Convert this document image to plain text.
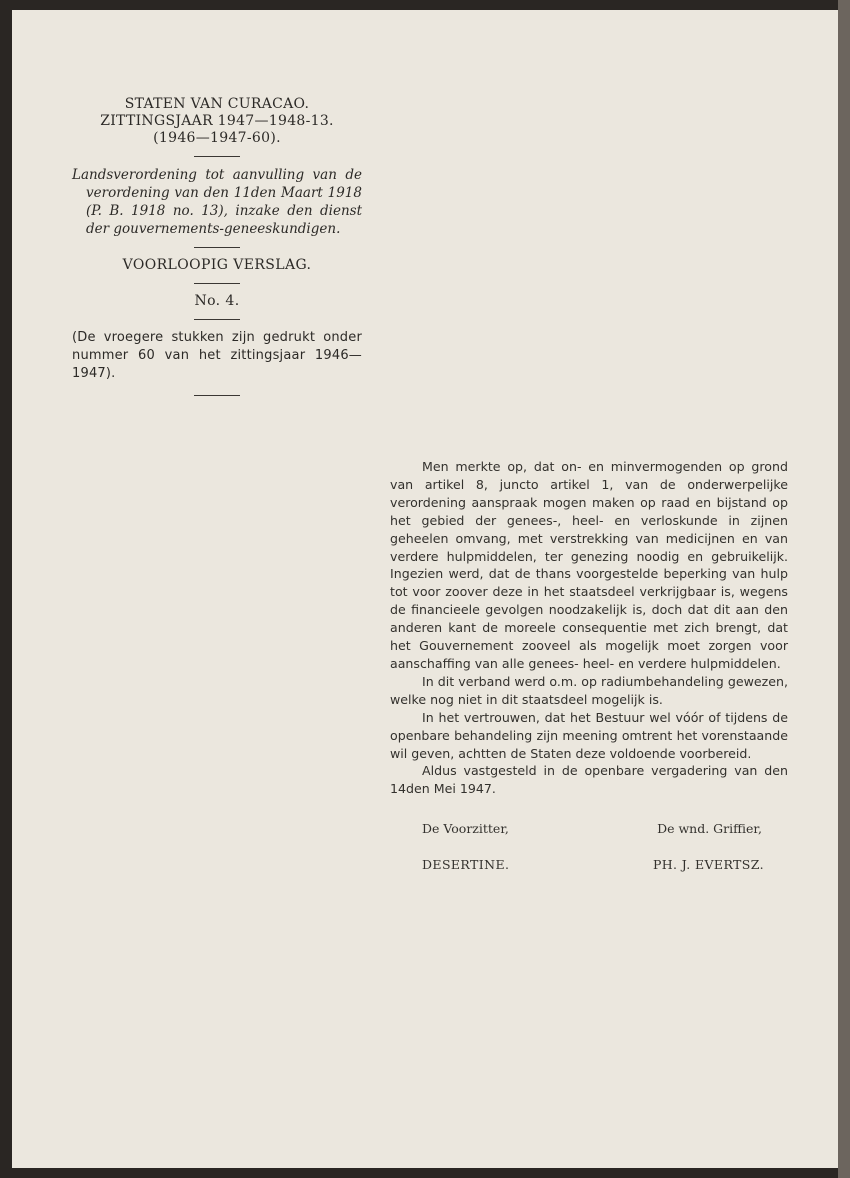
STATEN VAN CURACAO.
ZITTINGSJAAR 1947—1948-13.
(1946—1947-60).
Landsverordening tot aanvulling van de verordening van den 11den Maart 1918 (P. B. 1918 no. 13), inzake den dienst der gouvernements-geneeskundigen.
VOORLOOPIG VERSLAG.
No. 4.
(De vroegere stukken zijn gedrukt onder nummer 60 van het zittingsjaar 1946—1947).

Men merkte op, dat on- en minvermogenden op grond van artikel 8, juncto artikel 1, van de onderwerpelijke verordening aanspraak mogen maken op raad en bijstand op het gebied der genees-, heel- en verloskunde in zijnen geheelen omvang, met verstrekking van medicijnen en van verdere hulpmiddelen, ter genezing noodig en gebruikelijk. Ingezien werd, dat de thans voorgestelde beperking van hulp tot voor zoover deze in het staatsdeel verkrijgbaar is, wegens de financieele gevolgen noodzakelijk is, doch dat dit aan den anderen kant de moreele consequentie met zich brengt, dat het Gouvernement zooveel als mogelijk moet zorgen voor aanschaffing van alle genees- heel- en verdere hulpmiddelen.

In dit verband werd o.m. op radiumbehandeling gewezen, welke nog niet in dit staatsdeel mogelijk is.

In het vertrouwen, dat het Bestuur wel vóór of tijdens de openbare behandeling zijn meening omtrent het vorenstaande wil geven, achtten de Staten deze voldoende voorbereid.

Aldus vastgesteld in de openbare vergadering van den 14den Mei 1947.

De Voorzitter,	De wnd. Griffier,
DESERTINE.	PH. J. EVERTSZ.
